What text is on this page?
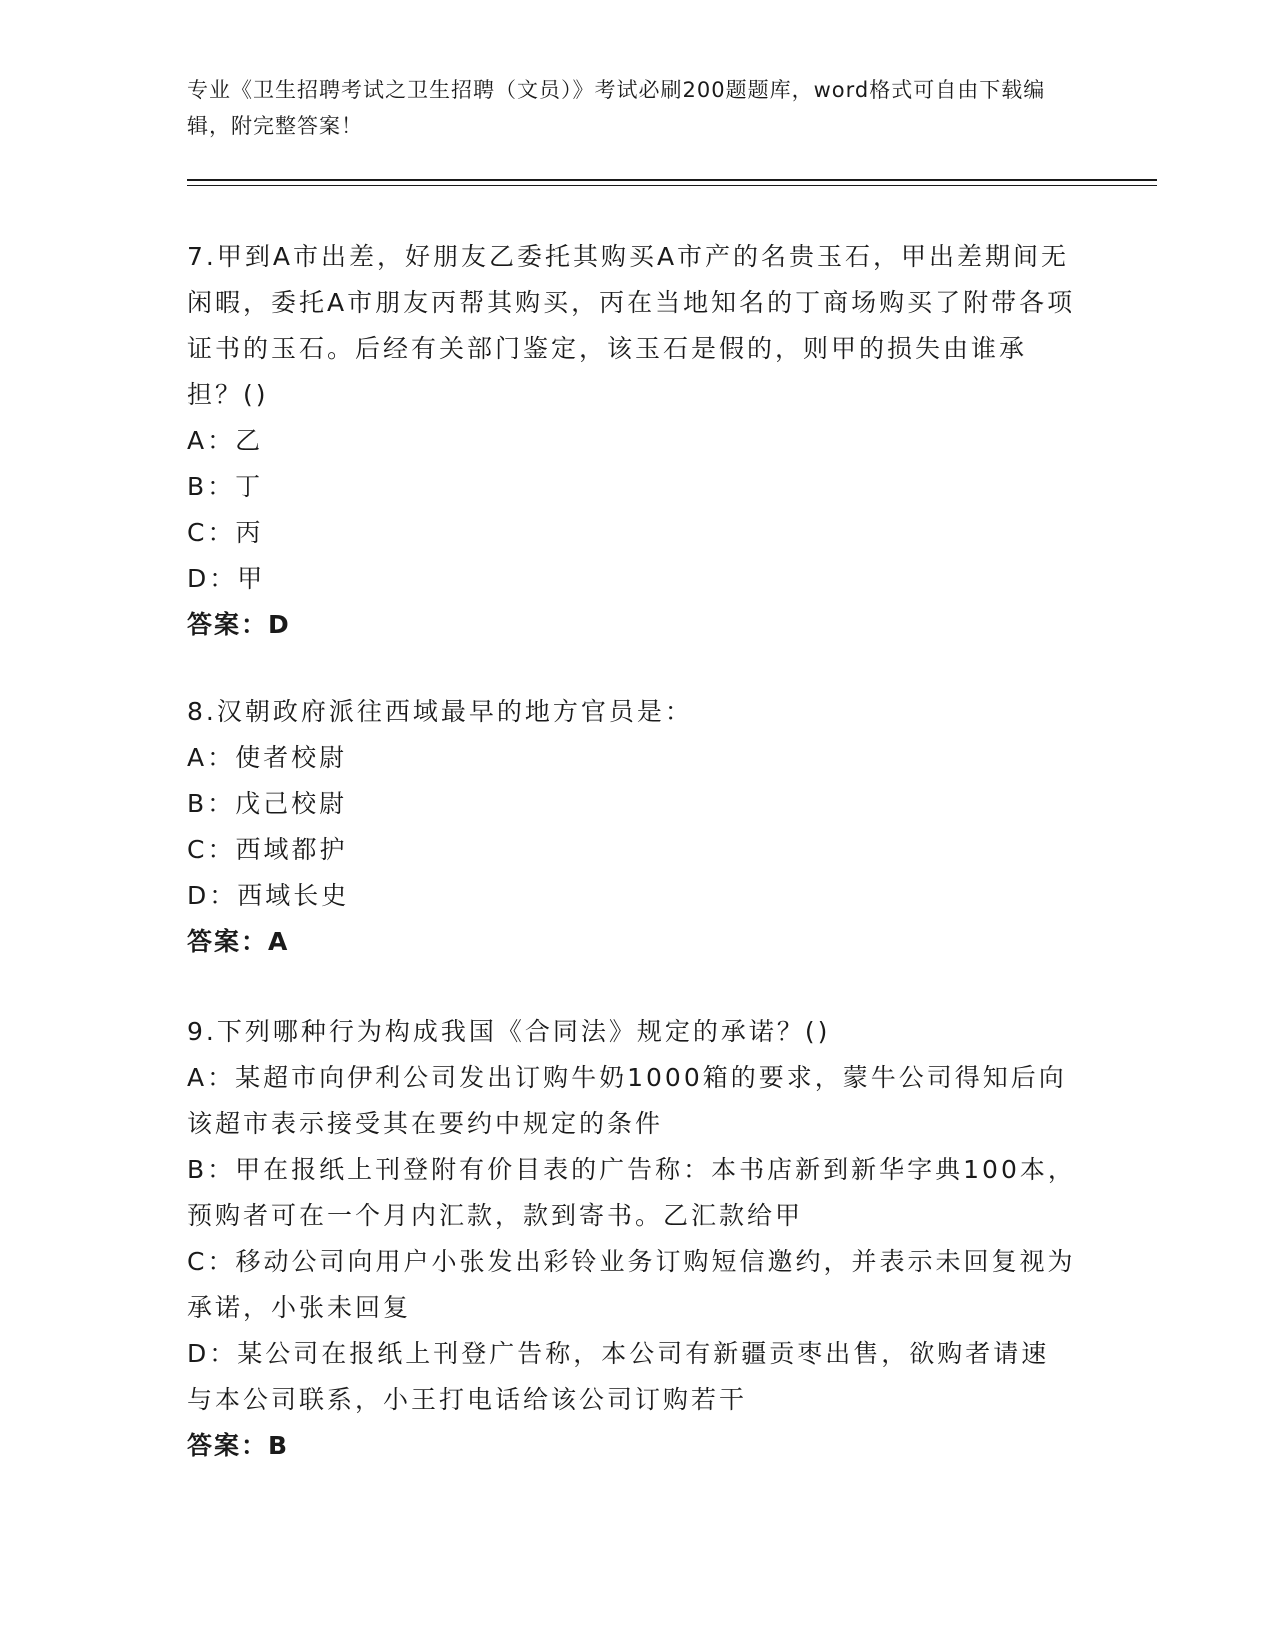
专业《卫生招聘考试之卫生招聘（文员）》考试必刷200题题库，word格式可自由下载编辑，附完整答案！
7.甲到A市出差，好朋友乙委托其购买A市产的名贵玉石，甲出差期间无闲暇，委托A市朋友丙帮其购买，丙在当地知名的丁商场购买了附带各项证书的玉石。后经有关部门鉴定，该玉石是假的，则甲的损失由谁承担？()
A：乙
B：丁
C：丙
D：甲
答案：D
8.汉朝政府派往西域最早的地方官员是：
A：使者校尉
B：戊己校尉
C：西域都护
D：西域长史
答案：A
9.下列哪种行为构成我国《合同法》规定的承诺？()
A：某超市向伊利公司发出订购牛奶1000箱的要求，蒙牛公司得知后向该超市表示接受其在要约中规定的条件
B：甲在报纸上刊登附有价目表的广告称：本书店新到新华字典100本，预购者可在一个月内汇款，款到寄书。乙汇款给甲
C：移动公司向用户小张发出彩铃业务订购短信邀约，并表示未回复视为承诺，小张未回复
D：某公司在报纸上刊登广告称，本公司有新疆贡枣出售，欲购者请速与本公司联系，小王打电话给该公司订购若干
答案：B
